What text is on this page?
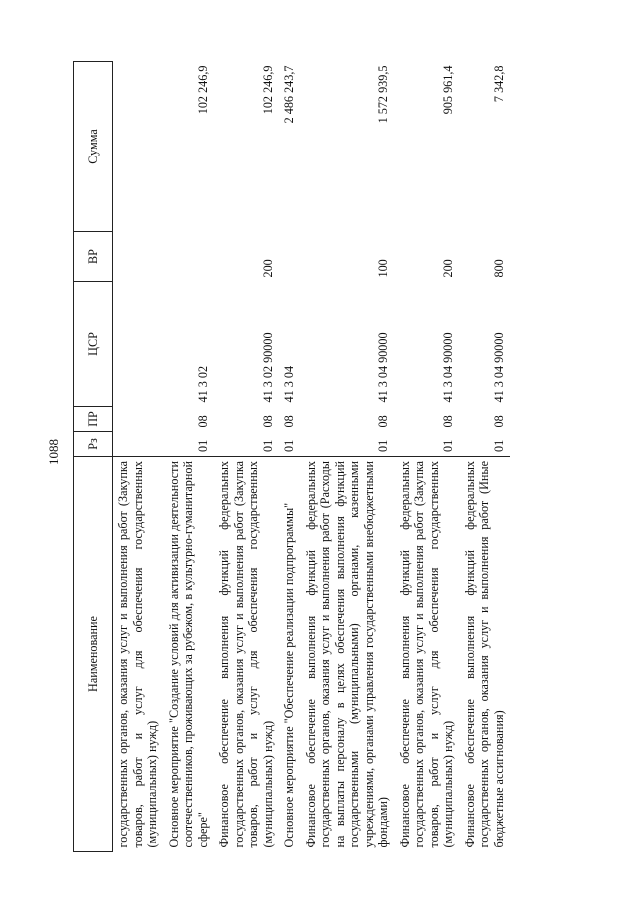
1088
Наименование	Рз	ПР	ЦСР	ВР	Сумма
государственных органов, оказания услуг и выполнения работ (Закупка товаров, работ и услуг для обеспечения государственных (муниципальных) нужд)					
Основное мероприятие "Создание условий для активизации деятельности соотечественников, проживающих за рубежом, в культурно-гуманитарной сфере"	01	08	41 3 02		102 246,9
Финансовое обеспечение выполнения функций федеральных государственных органов, оказания услуг и выполнения работ (Закупка товаров, работ и услуг для обеспечения государственных (муниципальных) нужд)	01	08	41 3 02 90000	200	102 246,9
Основное мероприятие "Обеспечение реализации подпрограммы"	01	08	41 3 04		2 486 243,7
Финансовое обеспечение выполнения функций федеральных государственных органов, оказания услуг и выполнения работ (Расходы на выплаты персоналу в целях обеспечения выполнения функций государственными (муниципальными) органами, казенными учреждениями, органами управления государственными внебюджетными фондами)	01	08	41 3 04 90000	100	1 572 939,5
Финансовое обеспечение выполнения функций федеральных государственных органов, оказания услуг и выполнения работ (Закупка товаров, работ и услуг для обеспечения государственных (муниципальных) нужд)	01	08	41 3 04 90000	200	905 961,4
Финансовое обеспечение выполнения функций федеральных государственных органов, оказания услуг и выполнения работ (Иные бюджетные ассигнования)	01	08	41 3 04 90000	800	7 342,8
